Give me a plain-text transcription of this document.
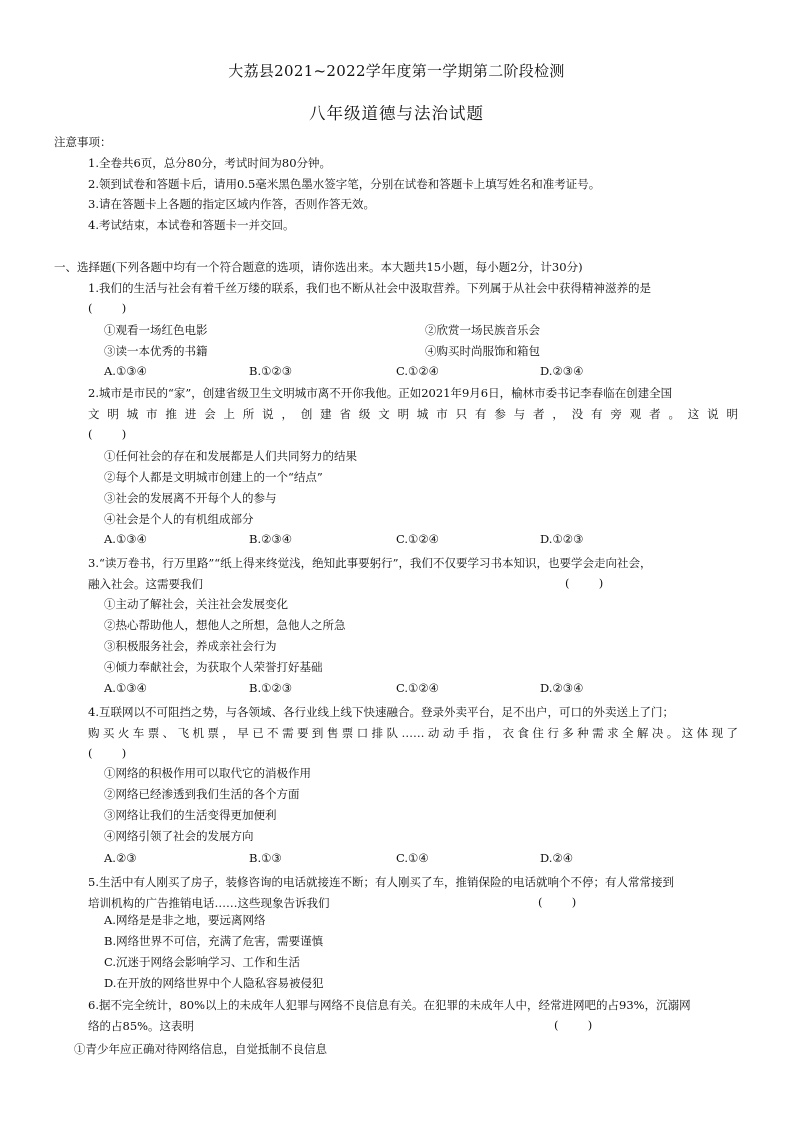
大荔县2021~2022学年度第一学期第二阶段检测
八年级道德与法治试题
注意事项：
1.全卷共6页，总分80分，考试时间为80分钟。
2.领到试卷和答题卡后，请用0.5毫米黑色墨水签字笔，分别在试卷和答题卡上填写姓名和准考证号。
3.请在答题卡上各题的指定区域内作答，否则作答无效。
4.考试结束，本试卷和答题卡一并交回。
一、选择题(下列各题中均有一个符合题意的选项，请你选出来。本大题共15小题，每小题2分，计30分)
1.我们的生活与社会有着千丝万缕的联系，我们也不断从社会中汲取营养。下列属于从社会中获得精神滋养的是
(        )
①观看一场红色电影	②欣赏一场民族音乐会
③读一本优秀的书籍	④购买时尚服饰和箱包
A.①③④	B.①②③	C.①②④	D.②③④
2.城市是市民的“家”，创建省级卫生文明城市离不开你我他。正如2021年9月6日，榆林市委书记李春临在创建全国
文明城市推进会上所说，创建省级文明城市只有参与者，没有旁观者。这说明
(        )
①任何社会的存在和发展都是人们共同努力的结果
②每个人都是文明城市创建上的一个“结点”
③社会的发展离不开每个人的参与
④社会是个人的有机组成部分
A.①③④	B.②③④	C.①②④	D.①②③
3.“读万卷书，行万里路”“纸上得来终觉浅，绝知此事要躬行”，我们不仅要学习书本知识，也要学会走向社会，
融入社会。这需要我们	(        )
①主动了解社会，关注社会发展变化
②热心帮助他人，想他人之所想，急他人之所急
③积极服务社会，养成亲社会行为
④倾力奉献社会，为获取个人荣誉打好基础
A.①③④	B.①②③	C.①②④	D.②③④
4.互联网以不可阻挡之势，与各领域、各行业线上线下快速融合。登录外卖平台，足不出户，可口的外卖送上了门；
购买火车票、飞机票，早已不需要到售票口排队……动动手指，衣食住行多种需求全解决。这体现了
(        )
①网络的积极作用可以取代它的消极作用
②网络已经渗透到我们生活的各个方面
③网络让我们的生活变得更加便利
④网络引领了社会的发展方向
A.②③	B.①③	C.①④	D.②④
5.生活中有人刚买了房子，装修咨询的电话就接连不断；有人刚买了车，推销保险的电话就响个不停；有人常常接到
培训机构的广告推销电话……这些现象告诉我们	(        )
A.网络是是非之地，要远离网络
B.网络世界不可信，充满了危害，需要谨慎
C.沉迷于网络会影响学习、工作和生活
D.在开放的网络世界中个人隐私容易被侵犯
6.据不完全统计，80%以上的未成年人犯罪与网络不良信息有关。在犯罪的未成年人中，经常进网吧的占93%，沉溺网
络的占85%。这表明	(        )
①青少年应正确对待网络信息，自觉抵制不良信息
